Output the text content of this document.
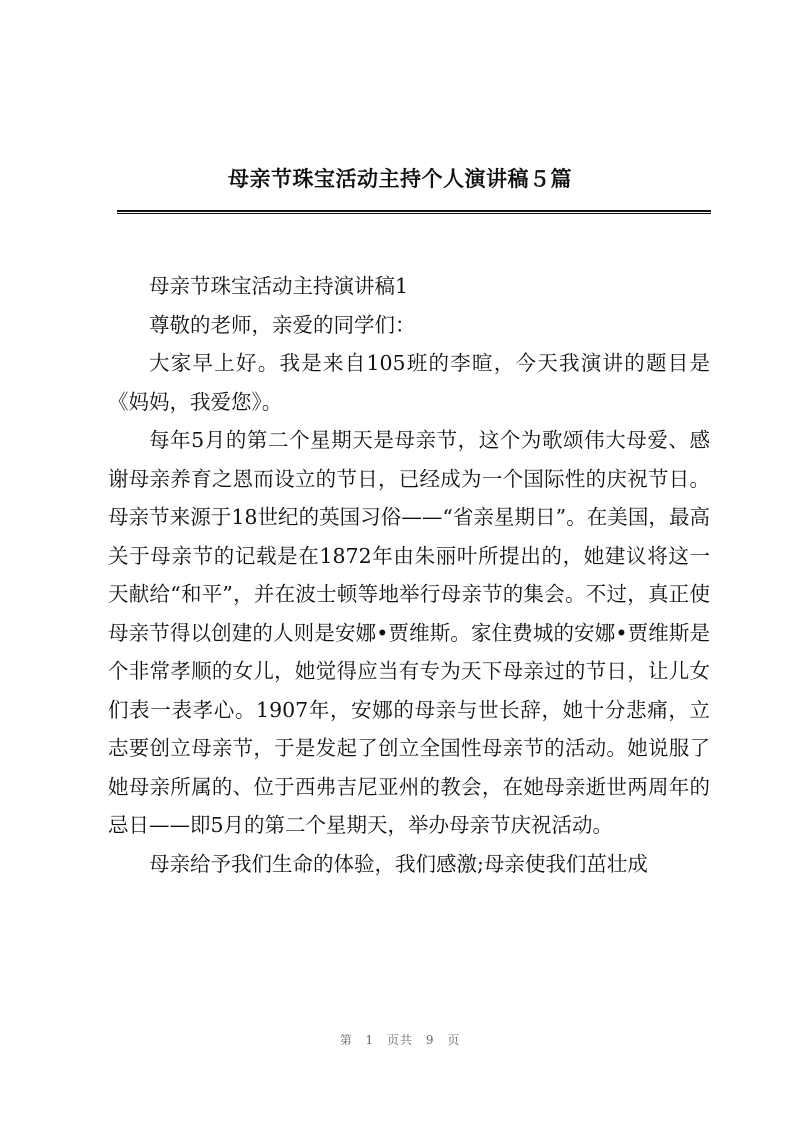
母亲节珠宝活动主持个人演讲稿５篇

母亲节珠宝活动主持演讲稿1

尊敬的老师，亲爱的同学们：

大家早上好。我是来自105班的李暄，今天我演讲的题目是《妈妈，我爱您》。

每年5月的第二个星期天是母亲节，这个为歌颂伟大母爱、感谢母亲养育之恩而设立的节日，已经成为一个国际性的庆祝节日。母亲节来源于18世纪的英国习俗——“省亲星期日”。在美国，最高关于母亲节的记载是在1872年由朱丽叶所提出的，她建议将这一天献给“和平”，并在波士顿等地举行母亲节的集会。不过，真正使母亲节得以创建的人则是安娜•贾维斯。家住费城的安娜•贾维斯是个非常孝顺的女儿，她觉得应当有专为天下母亲过的节日，让儿女们表一表孝心。1907年，安娜的母亲与世长辞，她十分悲痛，立志要创立母亲节，于是发起了创立全国性母亲节的活动。她说服了她母亲所属的、位于西弗吉尼亚州的教会，在她母亲逝世两周年的忌日——即5月的第二个星期天，举办母亲节庆祝活动。

母亲给予我们生命的体验，我们感激;母亲使我们茁壮成

第 1 页共 9 页
